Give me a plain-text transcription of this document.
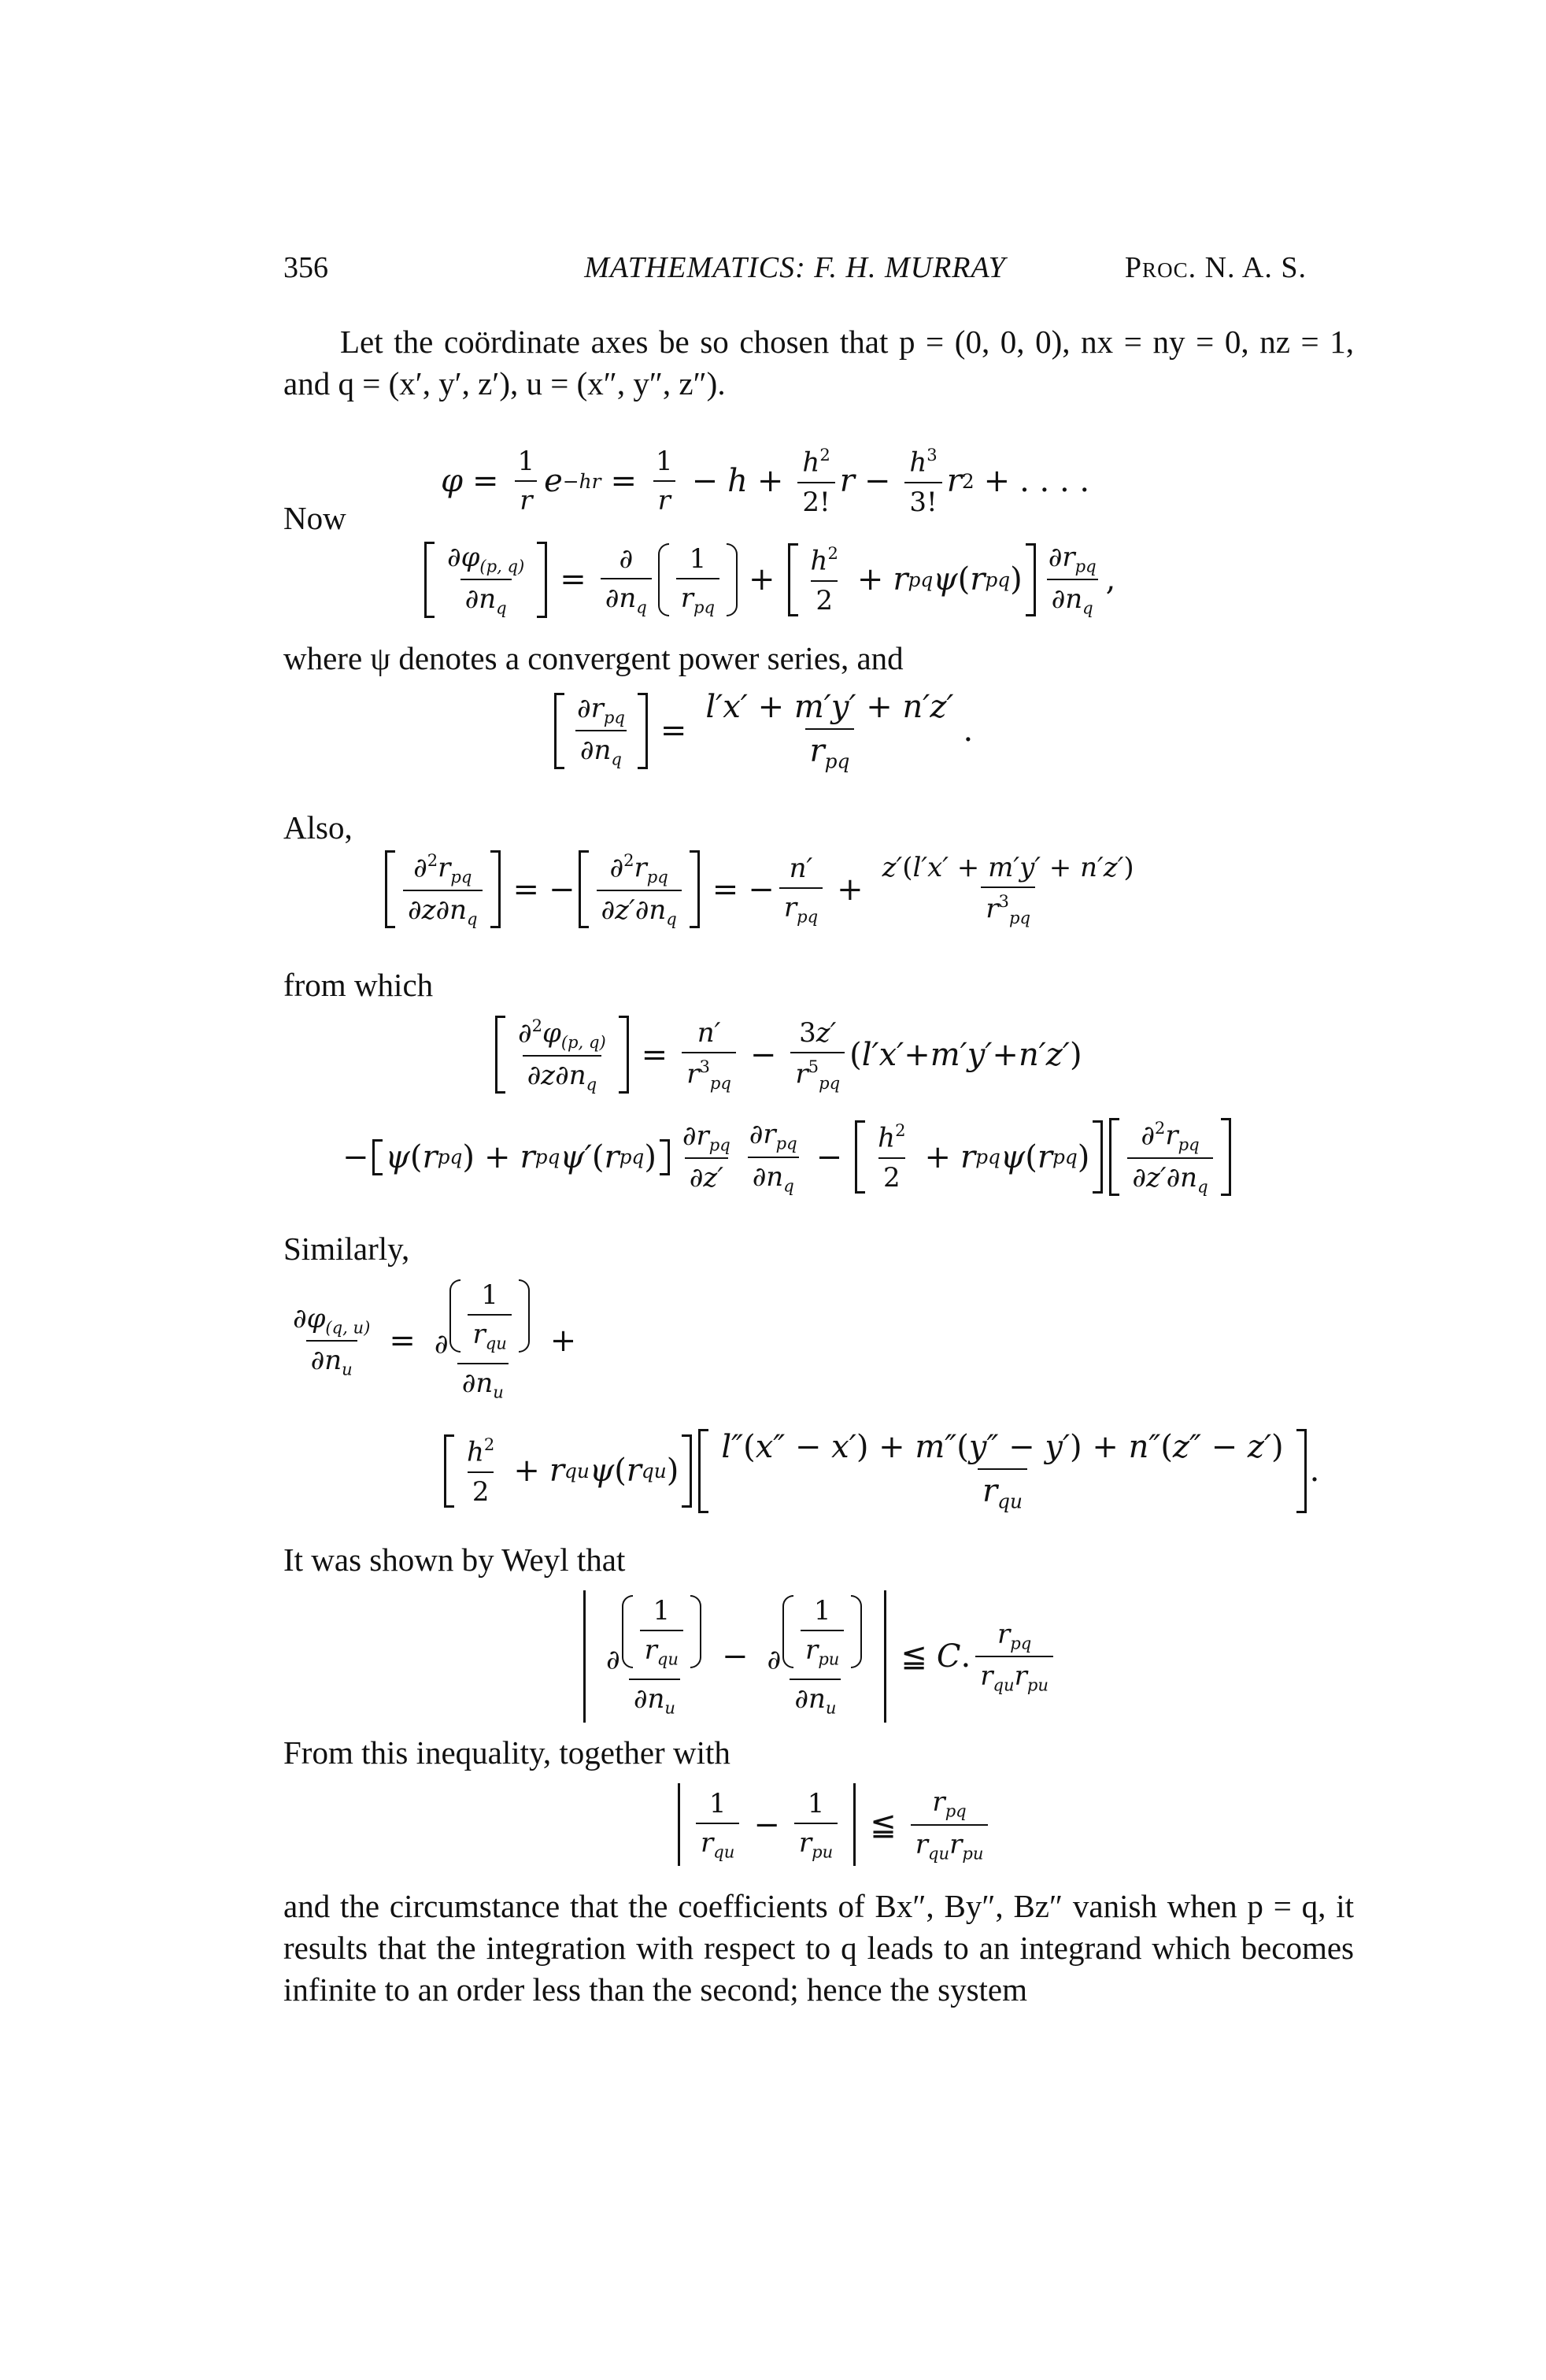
356	MATHEMATICS: F. H. MURRAY	Proc. N. A. S.
Let the coördinate axes be so chosen that p = (0, 0, 0), nx = ny = 0, nz = 1, and q = (x′, y′, z′), u = (x″, y″, z″).
$\varphi = \frac{1}{r}$ $e -hr = \frac{1}{r} - h + \frac{h^2}{2!}$ $r - \frac{h^3}{3!}$ r 2 + . . . .
Now
$\frac{\partial\varphi_{(p, q)}}{\partial n_q} = \frac{\partial}{\partial n_q} \frac{1}{r_{pq}} + \frac{h^2}{2} + r$ pq ψ ( r pq ) $\frac{\partial r_{pq}}{\partial n_q}$ ,
where ψ denotes a convergent power series, and
$\frac{\partial r_{pq}}{\partial n_q} = \frac{l'x' + m'y' + n'z'}{r_{pq}}$ .
Also,
$\frac{\partial^2r_{pq}}{\partial z\partial n_q}$ = − $\frac{\partial^2r_{pq}}{\partial z'\partial n_q}$ = − $\frac{n'}{r_{pq}} + \frac{z'(l'x' + m'y' + n'z')}{r^3_{pq}}$
from which
$\frac{\partial^2\varphi_{(p, q)}}{\partial z\partial n_q} = \frac{n'}{r^3_{pq}} - \frac{3z'}{r^5_{pq}}$ ( l′x′ + m′y′ + n′z′ )
− ψ ( r pq ) + r pq ψ′ ( r pq ) $\frac{\partial r_{pq}}{\partial z'} \frac{\partial r_{pq}}{\partial n_q} - \frac{h^2}{2} + r$ pq ψ ( r pq )	$\frac{\partial^2r_{pq}}{\partial z'\partial n_q}$
Similarly,
$\frac{\partial\varphi_{(q, u)}}{\partial n_u} = \frac{\partial \frac{1}{r_{qu}}}{\partial n_u}$ +
$\frac{h^2}{2} + r$ qu ψ ( r qu )	$\frac{l''(x'' - x') + m''(y'' - y') + n''(z'' - z')}{r_{qu}}$ .
It was shown by Weyl that
$\frac{\partial \frac{1}{r_{qu}}}{\partial n_u} - \frac{\partial \frac{1}{r_{pu}}}{\partial n_u}$ ≦ C . $\frac{r_{pq}}{r_{qu}r_{pu}}$
From this inequality, together with
$\frac{1}{r_{qu}} - \frac{1}{r_{pu}}$ ≦ $\frac{r_{pq}}{r_{qu}r_{pu}}$
and the circumstance that the coefficients of Bx″, By″, Bz″ vanish when p = q, it results that the integration with respect to q leads to an integrand which becomes infinite to an order less than the second; hence the system
